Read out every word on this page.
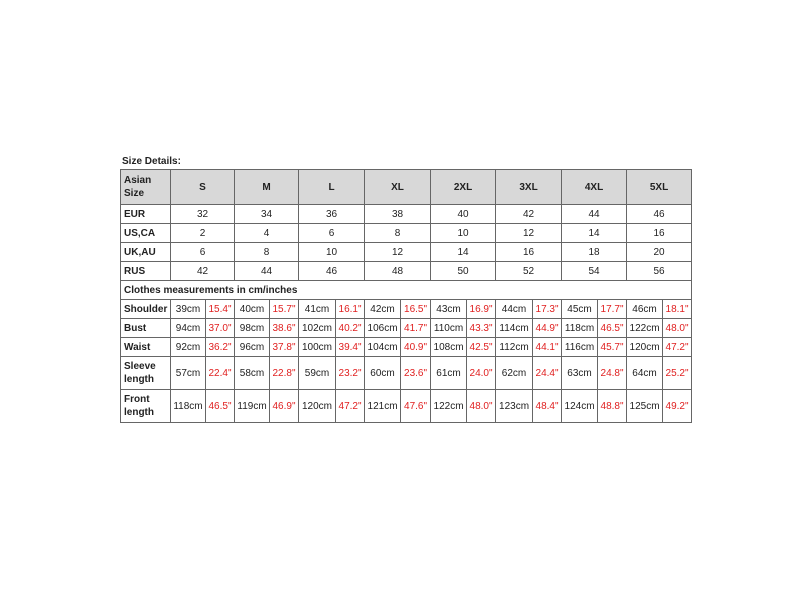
Size Details:
Asian Size	S		M		L		XL		2XL		3XL		4XL		5XL	
EUR	32		34		36		38		40		42		44		46	
US,CA	2		4		6		8		10		12		14		16	
UK,AU	6		8		10		12		14		16		18		20	
RUS	42		44		46		48		50		52		54		56	
Clothes measurements in cm/inches																
Shoulder	39cm	15.4"	40cm	15.7"	41cm	16.1"	42cm	16.5"	43cm	16.9"	44cm	17.3"	45cm	17.7"	46cm	18.1"
Bust	94cm	37.0"	98cm	38.6"	102cm	40.2"	106cm	41.7"	110cm	43.3"	114cm	44.9"	118cm	46.5"	122cm	48.0"
Waist	92cm	36.2"	96cm	37.8"	100cm	39.4"	104cm	40.9"	108cm	42.5"	112cm	44.1"	116cm	45.7"	120cm	47.2"
Sleeve length	57cm	22.4"	58cm	22.8"	59cm	23.2"	60cm	23.6"	61cm	24.0"	62cm	24.4"	63cm	24.8"	64cm	25.2"
Front length	118cm	46.5"	119cm	46.9"	120cm	47.2"	121cm	47.6"	122cm	48.0"	123cm	48.4"	124cm	48.8"	125cm	49.2"
